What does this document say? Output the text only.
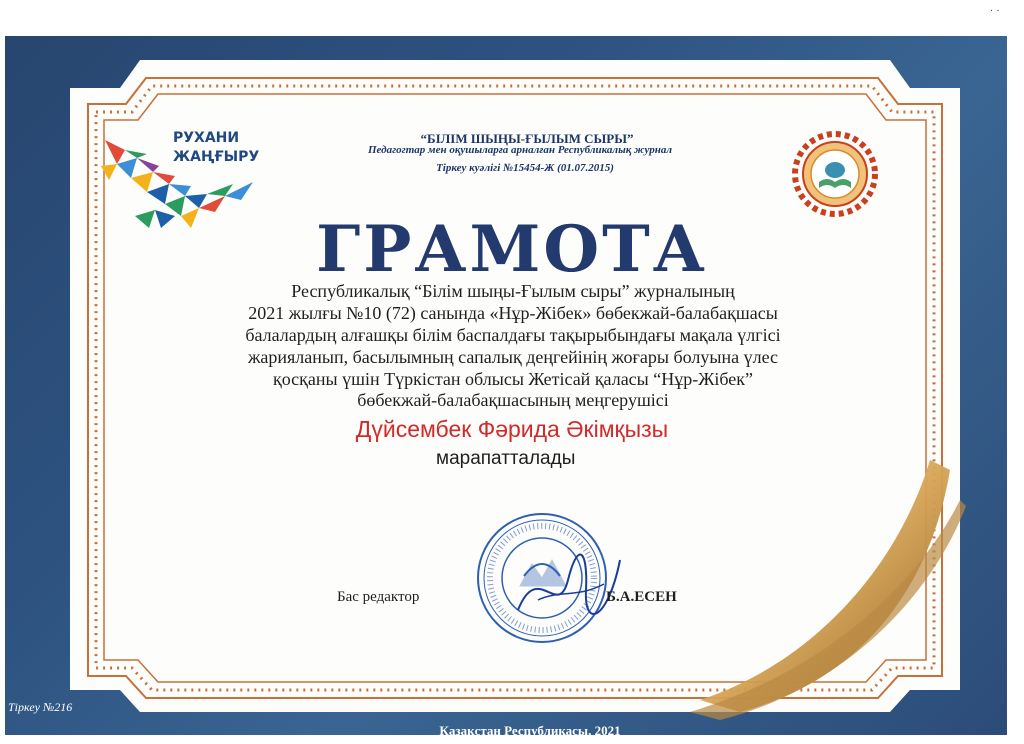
РУХАНИ
ЖАҢҒЫРУ
“БІЛІМ ШЫҢЫ-ҒЫЛЫМ СЫРЫ”
Педагогтар мен оқушыларға арналған Республикалық журнал
Тіркеу куәлігі №15454-Ж (01.07.2015)
ГРАМОТА
Республикалық “Білім шыңы-Ғылым сыры” журналының
2021 жылғы №10 (72) санында «Нұр-Жібек» бөбекжай-балабақшасы
балалардың алғашқы білім баспалдағы тақырыбындағы мақала үлгісі
жарияланып, басылымның сапалық деңгейінің жоғары болуына үлес
қосқаны үшін Түркістан облысы Жетісай қаласы “Нұр-Жібек”
бөбекжай-балабақшасының меңгерушісі
Дүйсембек Фәрида Әкімқызы
марапатталады
Бас редактор	Б.А.ЕСЕН
Тіркеу №216
Қазақстан Республикасы, 2021
· ·
